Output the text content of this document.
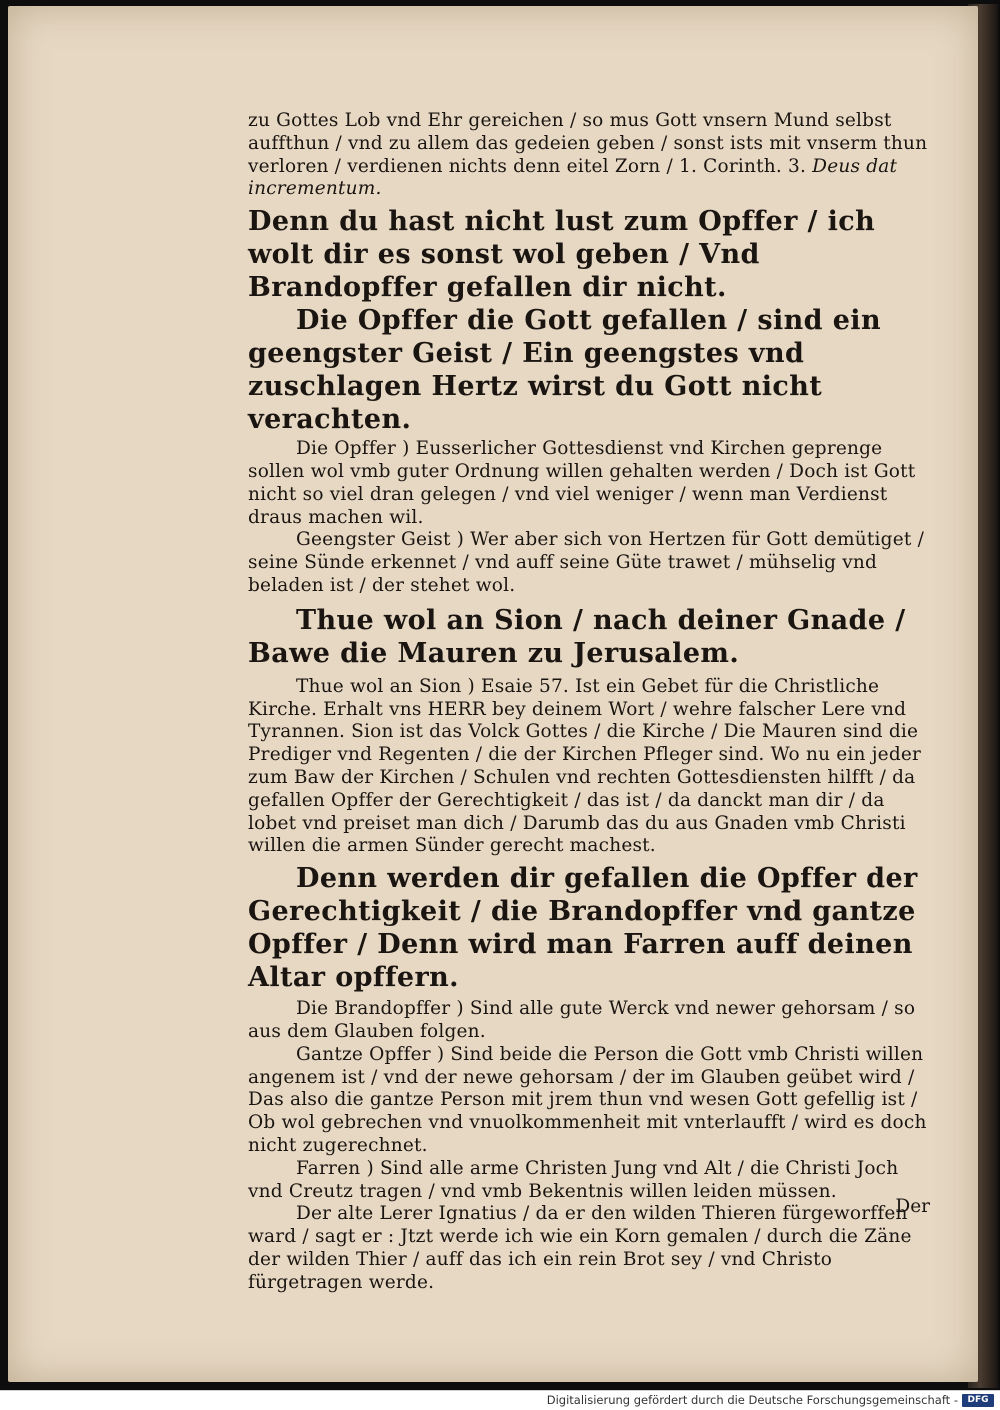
zu Gottes Lob vnd Ehr gereichen / so mus Gott vnsern Mund selbst auffthun / vnd zu allem das gedeien geben / sonst ists mit vnserm thun verloren / verdienen nichts denn eitel Zorn / 1. Corinth. 3. Deus dat incrementum.

Denn du hast nicht lust zum Opffer / ich wolt dir es sonst wol geben / Vnd Brandopffer gefallen dir nicht.

Die Opffer die Gott gefallen / sind ein geengster Geist / Ein geengstes vnd zuschlagen Hertz wirst du Gott nicht verachten.

Die Opffer ) Eusserlicher Gottesdienst vnd Kirchen geprenge sollen wol vmb guter Ordnung willen gehalten werden / Doch ist Gott nicht so viel dran gelegen / vnd viel weniger / wenn man Verdienst draus machen wil.

Geengster Geist ) Wer aber sich von Hertzen für Gott demütiget / seine Sünde erkennet / vnd auff seine Güte trawet / mühselig vnd beladen ist / der stehet wol.

Thue wol an Sion / nach deiner Gnade / Bawe die Mauren zu Jerusalem.

Thue wol an Sion ) Esaie 57. Ist ein Gebet für die Christliche Kirche. Erhalt vns HERR bey deinem Wort / wehre falscher Lere vnd Tyrannen. Sion ist das Volck Gottes / die Kirche / Die Mauren sind die Prediger vnd Regenten / die der Kirchen Pfleger sind. Wo nu ein jeder zum Baw der Kirchen / Schulen vnd rechten Gottesdiensten hilfft / da gefallen Opffer der Gerechtigkeit / das ist / da danckt man dir / da lobet vnd preiset man dich / Darumb das du aus Gnaden vmb Christi willen die armen Sünder gerecht machest.

Denn werden dir gefallen die Opffer der Gerechtigkeit / die Brandopffer vnd gantze Opffer / Denn wird man Farren auff deinen Altar opffern.

Die Brandopffer ) Sind alle gute Werck vnd newer gehorsam / so aus dem Glauben folgen.

Gantze Opffer ) Sind beide die Person die Gott vmb Christi willen angenem ist / vnd der newe gehorsam / der im Glauben geübet wird / Das also die gantze Person mit jrem thun vnd wesen Gott gefellig ist / Ob wol gebrechen vnd vnuolkommenheit mit vnterlaufft / wird es doch nicht zugerechnet.

Farren ) Sind alle arme Christen Jung vnd Alt / die Christi Joch vnd Creutz tragen / vnd vmb Bekentnis willen leiden müssen.

Der alte Lerer Ignatius / da er den wilden Thieren fürgeworffen ward / sagt er : Jtzt werde ich wie ein Korn gemalen / durch die Zäne der wilden Thier / auff das ich ein rein Brot sey / vnd Christo fürgetragen werde.

Der
Digitalisierung gefördert durch die Deutsche Forschungsgemeinschaft -	DFG
